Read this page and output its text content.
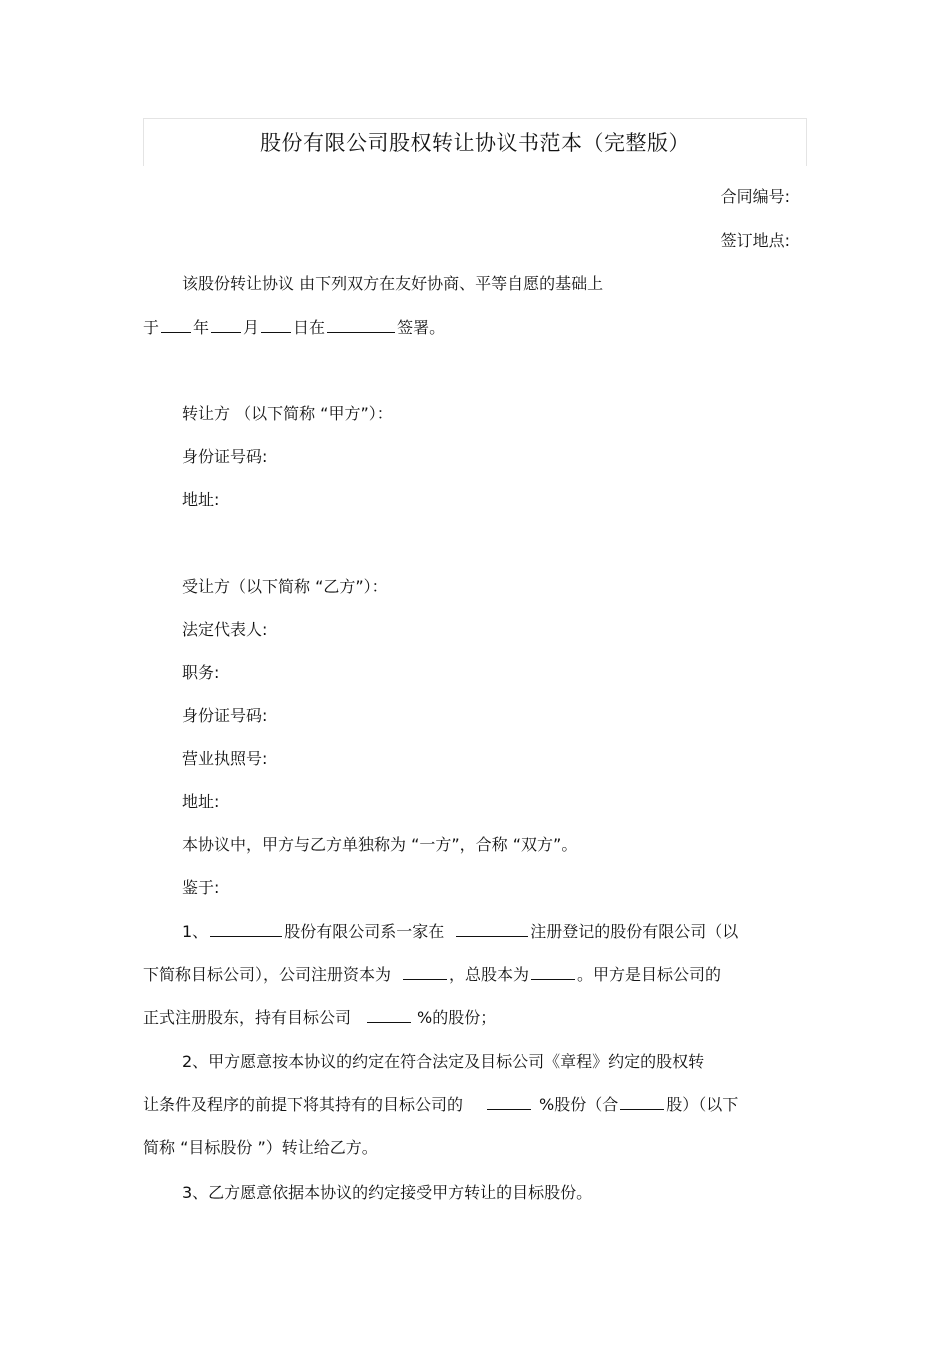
股份有限公司股权转让协议书范本（完整版）
合同编号:
签订地点:
该股份转让协议 由下列双方在友好协商、平等自愿的基础上
于 年 月 日在	签署。
转让方 （以下简称 “甲方”）：
身份证号码:
地址:
受让方（以下简称 “乙方”）：
法定代表人:
职务:
身份证号码:
营业执照号:
地址:
本协议中，甲方与乙方单独称为 “一方”，合称 “双方”。
鉴于:
1、	股份有限公司系一家在	注册登记的股份有限公司（以
下简称目标公司），公司注册资本为	，总股本为	。甲方是目标公司的
正式注册股东，持有目标公司	%的股份；
2、甲方愿意按本协议的约定在符合法定及目标公司《章程》约定的股权转
让条件及程序的前提下将其持有的目标公司的	%股份（合	股）（以下
简称 “目标股份 ”）转让给乙方。
3、乙方愿意依据本协议的约定接受甲方转让的目标股份。
